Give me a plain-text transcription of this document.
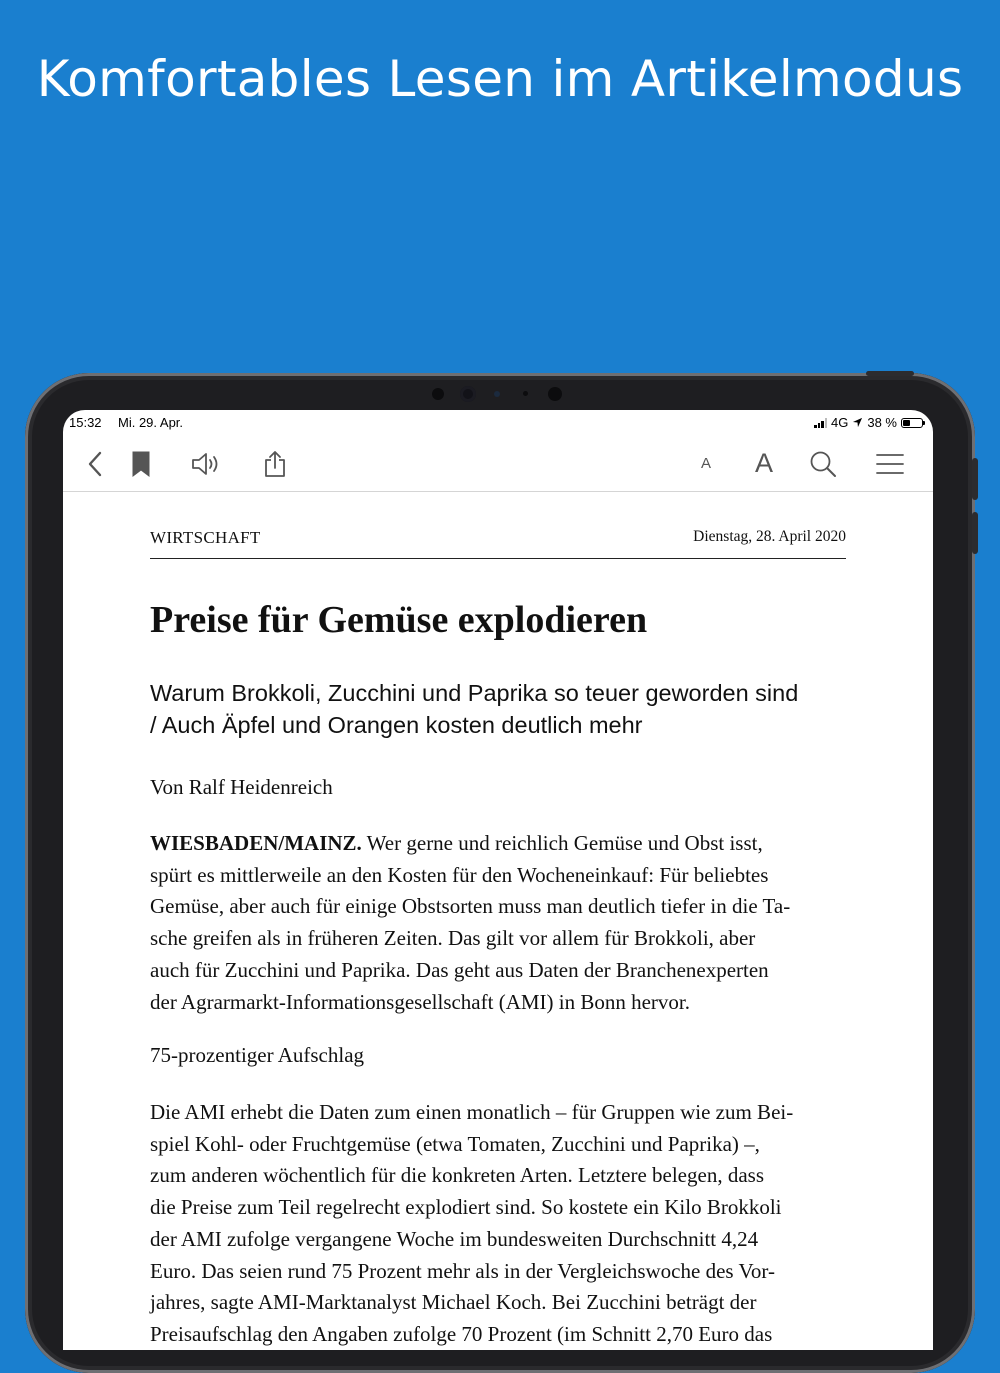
Komfortables Lesen im Artikelmodus
15:32 Mi. 29. Apr.	4G 38 %
A A
WIRTSCHAFT	Dienstag, 28. April 2020
Preise für Gemüse explodieren
Warum Brokkoli, Zucchini und Paprika so teuer geworden sind
/ Auch Äpfel und Orangen kosten deutlich mehr
Von Ralf Heidenreich
WIESBADEN/MAINZ. Wer gerne und reichlich Gemüse und Obst isst,
spürt es mittlerweile an den Kosten für den Wocheneinkauf: Für beliebtes
Gemüse, aber auch für einige Obstsorten muss man deutlich tiefer in die Ta-
sche greifen als in früheren Zeiten. Das gilt vor allem für Brokkoli, aber
auch für Zucchini und Paprika. Das geht aus Daten der Branchenexperten
der Agrarmarkt-Informationsgesellschaft (AMI) in Bonn hervor.
75-prozentiger Aufschlag
Die AMI erhebt die Daten zum einen monatlich – für Gruppen wie zum Bei-
spiel Kohl- oder Fruchtgemüse (etwa Tomaten, Zucchini und Paprika) –,
zum anderen wöchentlich für die konkreten Arten. Letztere belegen, dass
die Preise zum Teil regelrecht explodiert sind. So kostete ein Kilo Brokkoli
der AMI zufolge vergangene Woche im bundesweiten Durchschnitt 4,24
Euro. Das seien rund 75 Prozent mehr als in der Vergleichswoche des Vor-
jahres, sagte AMI-Marktanalyst Michael Koch. Bei Zucchini beträgt der
Preisaufschlag den Angaben zufolge 70 Prozent (im Schnitt 2,70 Euro das
